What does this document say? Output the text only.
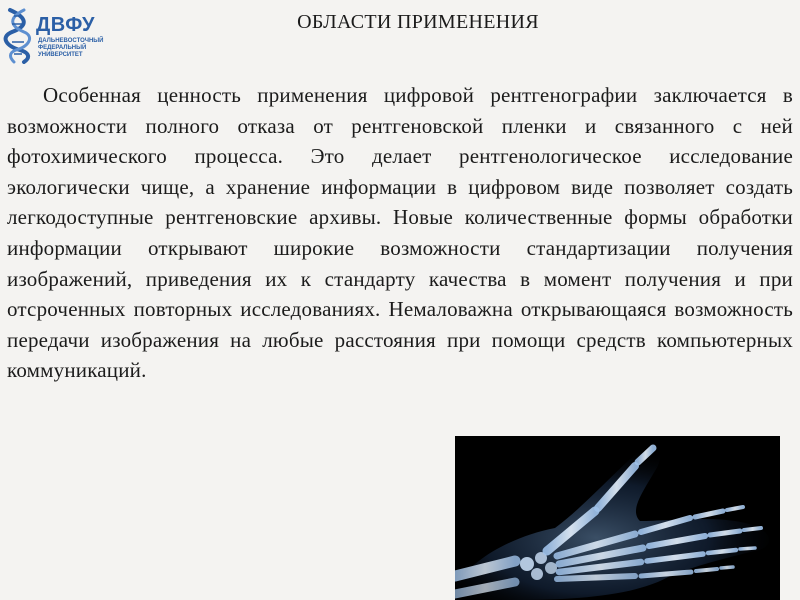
ДВФУ
ДАЛЬНЕВОСТОЧНЫЙ
ФЕДЕРАЛЬНЫЙ
УНИВЕРСИТЕТ
ОБЛАСТИ ПРИМЕНЕНИЯ

Особенная ценность применения цифровой рентгенографии заключается в возможности полного отказа от рентгеновской пленки и связанного с ней фотохимического процесса. Это делает рентгенологическое исследование экологически чище, а хранение информации в цифровом виде позволяет создать легкодоступные рентгеновские архивы. Новые количественные формы обработки информации открывают широкие возможности стандартизации получения изображений, приведения их к стандарту качества в момент получения и при отсроченных повторных исследованиях. Немаловажна открывающаяся возможность передачи изображения на любые расстояния при помощи средств компьютерных коммуникаций.
